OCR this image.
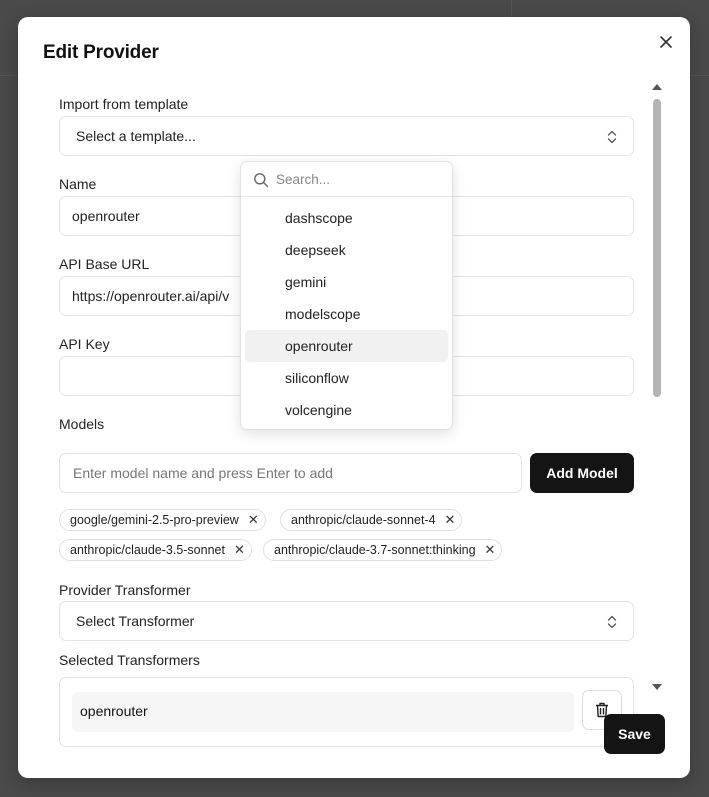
Edit Provider
Import from template
Select a template...
Name
openrouter
API Base URL
https://openrouter.ai/api/v
API Key
Models
Enter model name and press Enter to add	Add Model
google/gemini-2.5-pro-preview ✕	anthropic/claude-sonnet-4 ✕
anthropic/claude-3.5-sonnet ✕ anthropic/claude-3.7-sonnet:thinking ✕
Provider Transformer
Select Transformer
Selected Transformers
openrouter
Save
Search...
dashscope
deepseek
gemini
modelscope
openrouter
siliconflow
volcengine
